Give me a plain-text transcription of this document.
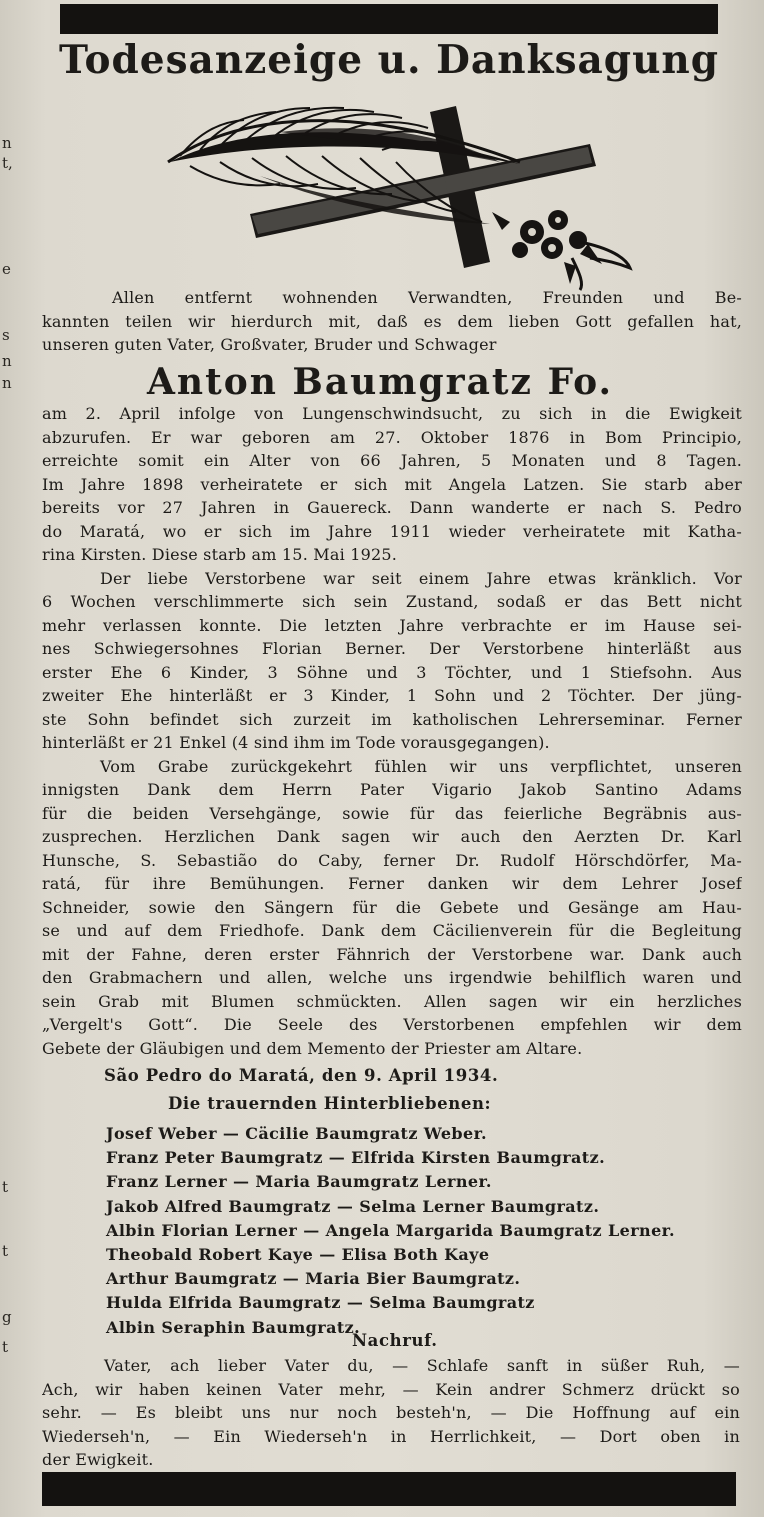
n
t,
e
s
n
n
t
t
g
t
Todesanzeige u. Danksagung
Allen entfernt wohnenden Verwandten, Freunden und Be-
kannten teilen wir hierdurch mit, daß es dem lieben Gott gefallen hat,
unseren guten Vater, Großvater, Bruder und Schwager
Anton Baumgratz Fo.
am 2. April infolge von Lungenschwindsucht, zu sich in die Ewigkeit
abzurufen. Er war geboren am 27. Oktober 1876 in Bom Principio,
erreichte somit ein Alter von 66 Jahren, 5 Monaten und 8 Tagen.
Im Jahre 1898 verheiratete er sich mit Angela Latzen. Sie starb aber
bereits vor 27 Jahren in Gauereck. Dann wanderte er nach S. Pedro
do Maratá, wo er sich im Jahre 1911 wieder verheiratete mit Katha-
rina Kirsten. Diese starb am 15. Mai 1925.
Der liebe Verstorbene war seit einem Jahre etwas kränklich. Vor
6 Wochen verschlimmerte sich sein Zustand, sodaß er das Bett nicht
mehr verlassen konnte. Die letzten Jahre verbrachte er im Hause sei-
nes Schwiegersohnes Florian Berner. Der Verstorbene hinterläßt aus
erster Ehe 6 Kinder, 3 Söhne und 3 Töchter, und 1 Stiefsohn. Aus
zweiter Ehe hinterläßt er 3 Kinder, 1 Sohn und 2 Töchter. Der jüng-
ste Sohn befindet sich zurzeit im katholischen Lehrerseminar. Ferner
hinterläßt er 21 Enkel (4 sind ihm im Tode vorausgegangen).
Vom Grabe zurückgekehrt fühlen wir uns verpflichtet, unseren
innigsten Dank dem Herrn Pater Vigario Jakob Santino Adams
für die beiden Versehgänge, sowie für das feierliche Begräbnis aus-
zusprechen. Herzlichen Dank sagen wir auch den Aerzten Dr. Karl
Hunsche, S. Sebastião do Caby, ferner Dr. Rudolf Hörschdörfer, Ma-
ratá, für ihre Bemühungen. Ferner danken wir dem Lehrer Josef
Schneider, sowie den Sängern für die Gebete und Gesänge am Hau-
se und auf dem Friedhofe. Dank dem Cäcilienverein für die Begleitung
mit der Fahne, deren erster Fähnrich der Verstorbene war. Dank auch
den Grabmachern und allen, welche uns irgendwie behilflich waren und
sein Grab mit Blumen schmückten. Allen sagen wir ein herzliches
„Vergelt's Gott“. Die Seele des Verstorbenen empfehlen wir dem
Gebete der Gläubigen und dem Memento der Priester am Altare.
São Pedro do Maratá, den 9. April 1934.
Die trauernden Hinterbliebenen:
Josef Weber — Cäcilie Baumgratz Weber.
Franz Peter Baumgratz — Elfrida Kirsten Baumgratz.
Franz Lerner — Maria Baumgratz Lerner.
Jakob Alfred Baumgratz — Selma Lerner Baumgratz.
Albin Florian Lerner — Angela Margarida Baumgratz Lerner.
Theobald Robert Kaye — Elisa Both Kaye
Arthur Baumgratz — Maria Bier Baumgratz.
Hulda Elfrida Baumgratz — Selma Baumgratz
Albin Seraphin Baumgratz.
Nachruf.
Vater, ach lieber Vater du, — Schlafe sanft in süßer Ruh, —
Ach, wir haben keinen Vater mehr, — Kein andrer Schmerz drückt so
sehr. — Es bleibt uns nur noch besteh'n, — Die Hoffnung auf ein
Wiederseh'n, — Ein Wiederseh'n in Herrlichkeit, — Dort oben in
der Ewigkeit.
